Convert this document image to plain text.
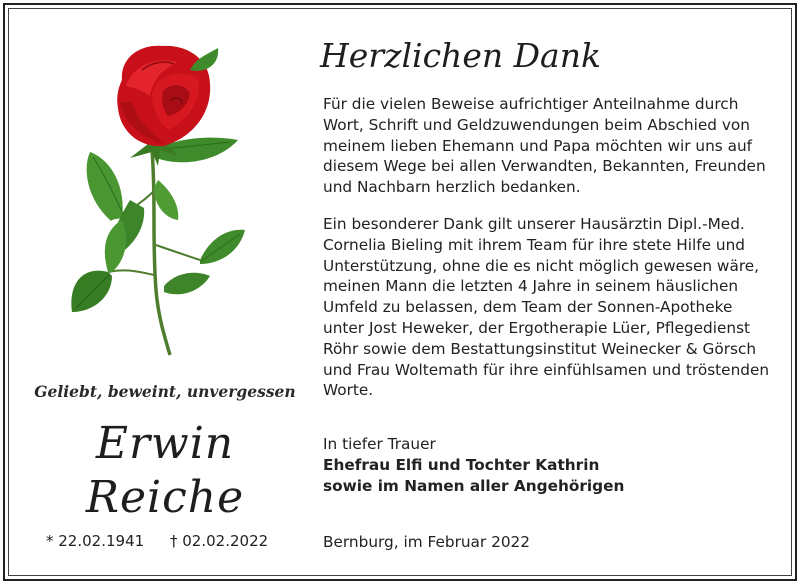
Geliebt, beweint, unvergessen
Erwin
Reiche
* 22.02.1941 † 02.02.2022
Herzlichen Dank

Für die vielen Beweise aufrichtiger Anteilnahme durch Wort, Schrift und Geldzuwendungen beim Abschied von meinem lieben Ehemann und Papa möchten wir uns auf diesem Wege bei allen Verwandten, Bekannten, Freunden und Nachbarn herzlich bedanken.

Ein besonderer Dank gilt unserer Hausärztin Dipl.-Med. Cornelia Bieling mit ihrem Team für ihre stete Hilfe und Unterstützung, ohne die es nicht möglich gewesen wäre, meinen Mann die letzten 4 Jahre in seinem häuslichen Umfeld zu belassen, dem Team der Sonnen-Apotheke unter Jost Heweker, der Ergotherapie Lüer, Pflegedienst Röhr sowie dem Bestattungsinstitut Weinecker & Görsch und Frau Woltemath für ihre einfühlsamen und tröstenden Worte.

In tiefer Trauer
Ehefrau Elfi und Tochter Kathrin
sowie im Namen aller Angehörigen
Bernburg, im Februar 2022
